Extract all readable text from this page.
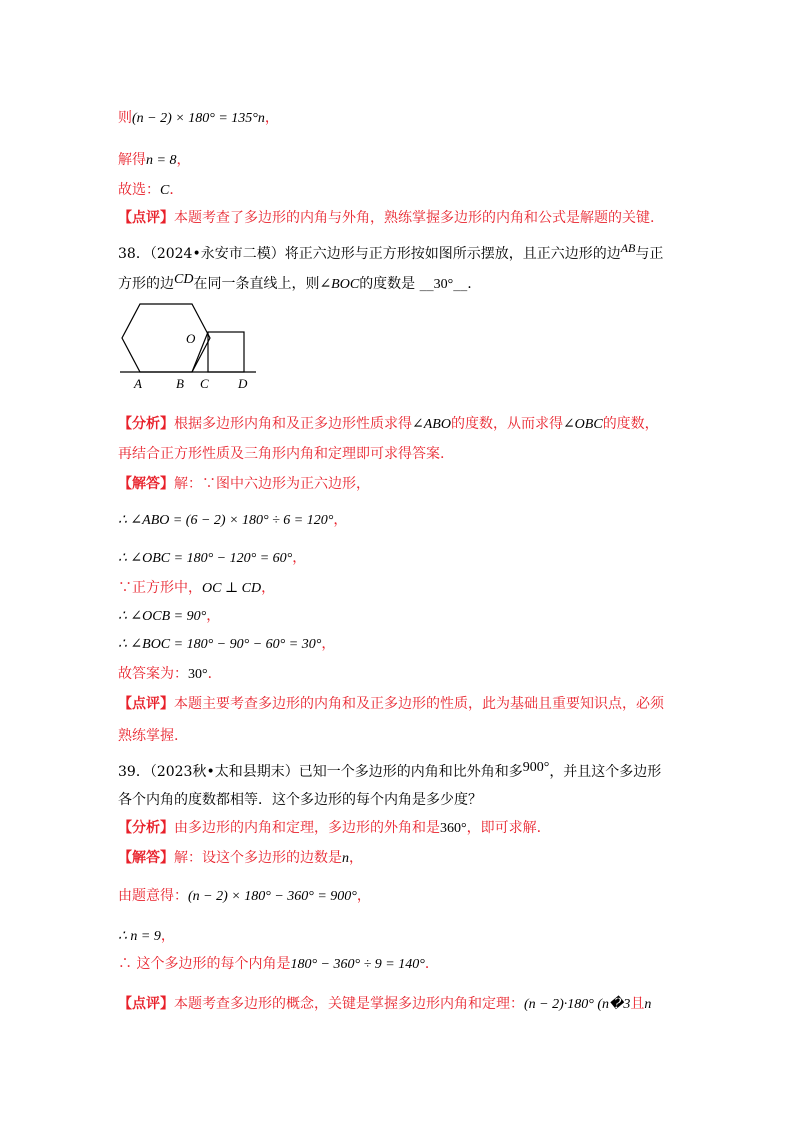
则(n − 2) × 180° = 135°n，
解得n = 8，
故选：C．
【点评】本题考查了多边形的内角与外角，熟练掌握多边形的内角和公式是解题的关键.
38．（2024•永安市二模）将正六边形与正方形按如图所示摆放，且正六边形的边AB与正
方形的边CD在同一条直线上，则∠BOC的度数是 __30°__.
O
A	B C D
【分析】根据多边形内角和及正多边形性质求得∠ABO的度数，从而求得∠OBC的度数，
再结合正方形性质及三角形内角和定理即可求得答案.
【解答】解：∵图中六边形为正六边形，
∴ ∠ABO = (6 − 2) × 180° ÷ 6 = 120°，
∴ ∠OBC = 180° − 120° = 60°，
∵正方形中，OC ⊥ CD，
∴ ∠OCB = 90°，
∴ ∠BOC = 180° − 90° − 60° = 30°，
故答案为：30°．
【点评】本题主要考查多边形的内角和及正多边形的性质，此为基础且重要知识点，必须
熟练掌握.
39．（2023秋•太和县期末）已知一个多边形的内角和比外角和多900°，并且这个多边形
各个内角的度数都相等．这个多边形的每个内角是多少度？
【分析】由多边形的内角和定理，多边形的外角和是360°，即可求解.
【解答】解：设这个多边形的边数是n，
由题意得：(n − 2) × 180° − 360° = 900°，
∴ n = 9，
∴ 这个多边形的每个内角是180° − 360° ÷ 9 = 140°．
【点评】本题考查多边形的概念，关键是掌握多边形内角和定理：(n − 2)·180° (n�3且n
